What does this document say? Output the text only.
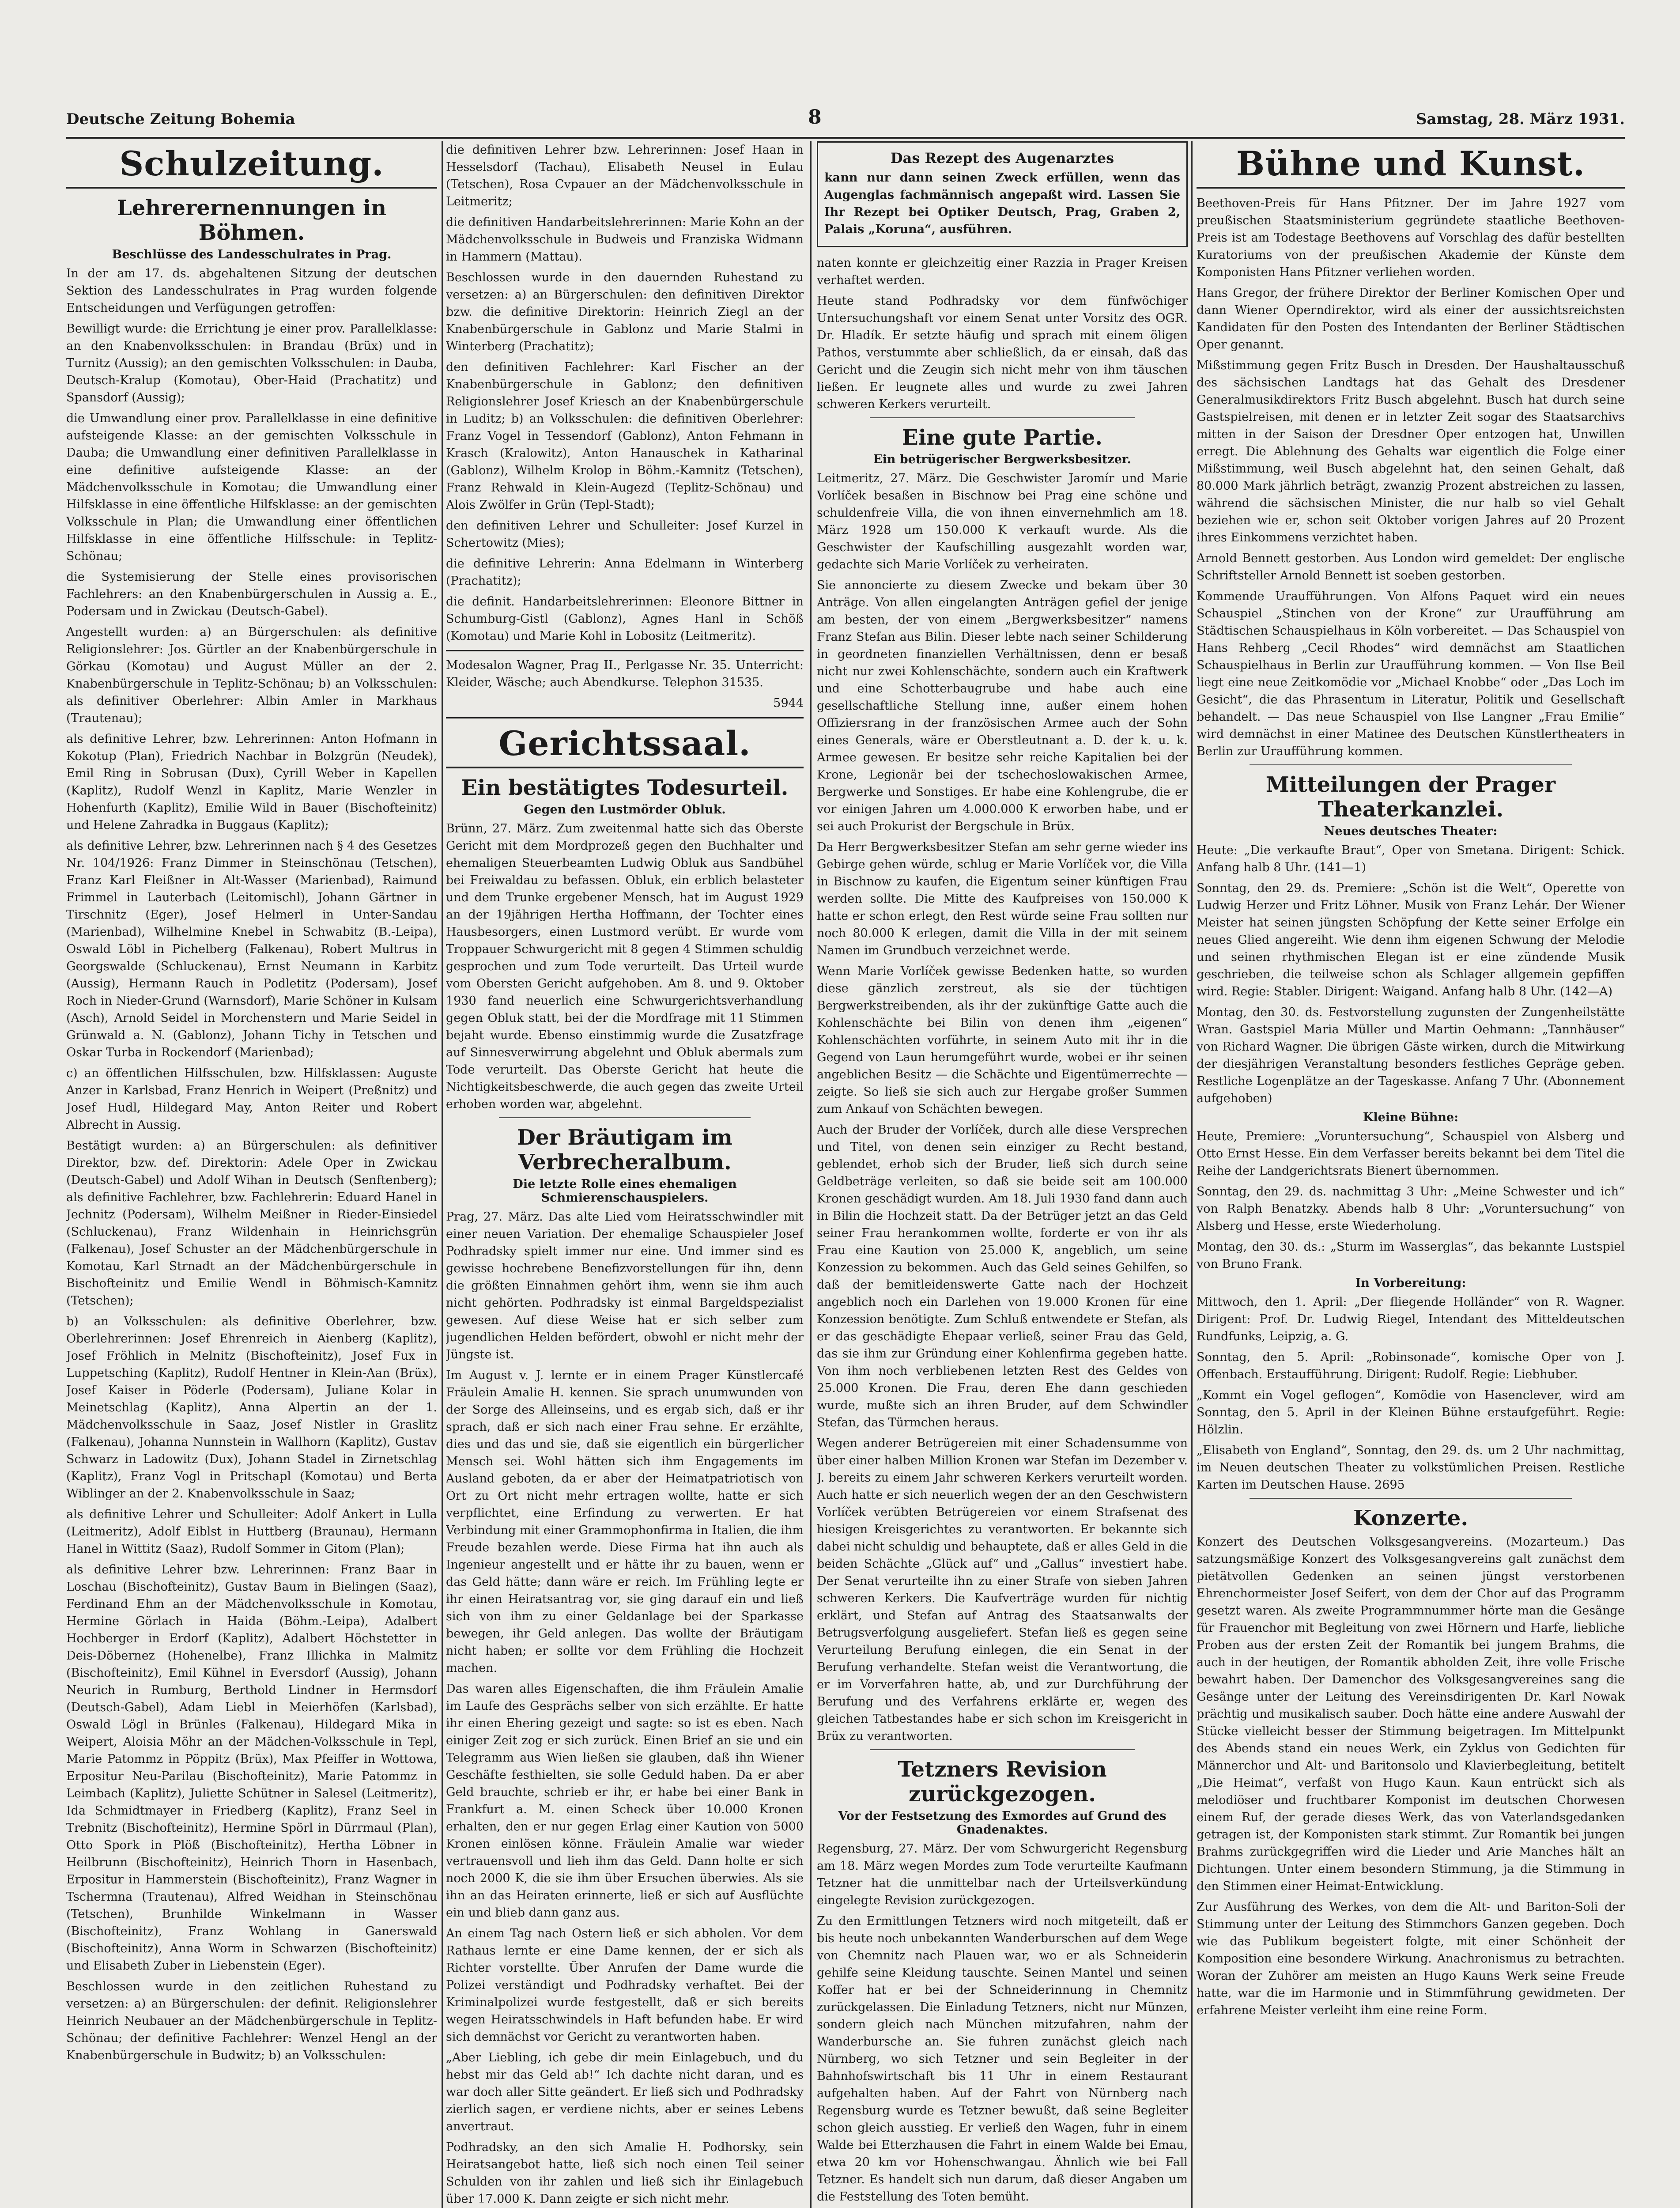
Deutsche Zeitung Bohemia	8	Samstag, 28. März 1931.
Schulzeitung.
Lehrerernennungen in Böhmen.
Beschlüsse des Landesschulrates in Prag.

In der am 17. ds. abgehaltenen Sitzung der deutschen Sektion des Landesschulrates in Prag wurden folgende Entscheidungen und Verfügungen getroffen:

Bewilligt wurde: die Errichtung je einer prov. Parallelklasse: an den Knabenvolksschulen: in Brandau (Brüx) und in Turnitz (Aussig); an den gemischten Volksschulen: in Dauba, Deutsch-Kralup (Komotau), Ober-Haid (Prachatitz) und Spansdorf (Aussig);

die Umwandlung einer prov. Parallelklasse in eine definitive aufsteigende Klasse: an der gemischten Volksschule in Dauba; die Umwandlung einer definitiven Parallelklasse in eine definitive aufsteigende Klasse: an der Mädchenvolksschule in Komotau; die Umwandlung einer Hilfsklasse in eine öffentliche Hilfsklasse: an der gemischten Volksschule in Plan; die Umwandlung einer öffentlichen Hilfsklasse in eine öffentliche Hilfsschule: in Teplitz-Schönau;

die Systemisierung der Stelle eines provisorischen Fachlehrers: an den Knabenbürgerschulen in Aussig a. E., Podersam und in Zwickau (Deutsch-Gabel).

Angestellt wurden: a) an Bürgerschulen: als definitive Religionslehrer: Jos. Gürtler an der Knabenbürgerschule in Görkau (Komotau) und August Müller an der 2. Knabenbürgerschule in Teplitz-Schönau; b) an Volksschulen: als definitiver Oberlehrer: Albin Amler in Markhaus (Trautenau);

als definitive Lehrer, bzw. Lehrerinnen: Anton Hofmann in Kokotup (Plan), Friedrich Nachbar in Bolzgrün (Neudek), Emil Ring in Sobrusan (Dux), Cyrill Weber in Kapellen (Kaplitz), Rudolf Wenzl in Kaplitz, Marie Wenzler in Hohenfurth (Kaplitz), Emilie Wild in Bauer (Bischofteinitz) und Helene Zahradka in Buggaus (Kaplitz);

als definitive Lehrer, bzw. Lehrerinnen nach § 4 des Gesetzes Nr. 104/1926: Franz Dimmer in Steinschönau (Tetschen), Franz Karl Fleißner in Alt-Wasser (Marienbad), Raimund Frimmel in Lauterbach (Leitomischl), Johann Gärtner in Tirschnitz (Eger), Josef Helmerl in Unter-Sandau (Marienbad), Wilhelmine Knebel in Schwabitz (B.-Leipa), Oswald Löbl in Pichelberg (Falkenau), Robert Multrus in Georgswalde (Schluckenau), Ernst Neumann in Karbitz (Aussig), Hermann Rauch in Podletitz (Podersam), Josef Roch in Nieder-Grund (Warnsdorf), Marie Schöner in Kulsam (Asch), Arnold Seidel in Morchenstern und Marie Seidel in Grünwald a. N. (Gablonz), Johann Tichy in Tetschen und Oskar Turba in Rockendorf (Marienbad);

c) an öffentlichen Hilfsschulen, bzw. Hilfsklassen: Auguste Anzer in Karlsbad, Franz Henrich in Weipert (Preßnitz) und Josef Hudl, Hildegard May, Anton Reiter und Robert Albrecht in Aussig.

Bestätigt wurden: a) an Bürgerschulen: als definitiver Direktor, bzw. def. Direktorin: Adele Oper in Zwickau (Deutsch-Gabel) und Adolf Wihan in Deutsch (Senftenberg); als definitive Fachlehrer, bzw. Fachlehrerin: Eduard Hanel in Jechnitz (Podersam), Wilhelm Meißner in Rieder-Einsiedel (Schluckenau), Franz Wildenhain in Heinrichsgrün (Falkenau), Josef Schuster an der Mädchenbürgerschule in Komotau, Karl Strnadt an der Mädchenbürgerschule in Bischofteinitz und Emilie Wendl in Böhmisch-Kamnitz (Tetschen);

b) an Volksschulen: als definitive Oberlehrer, bzw. Oberlehrerinnen: Josef Ehrenreich in Aienberg (Kaplitz), Josef Fröhlich in Melnitz (Bischofteinitz), Josef Fux in Luppetsching (Kaplitz), Rudolf Hentner in Klein-Aan (Brüx), Josef Kaiser in Pöderle (Podersam), Juliane Kolar in Meinetschlag (Kaplitz), Anna Alpertin an der 1. Mädchenvolksschule in Saaz, Josef Nistler in Graslitz (Falkenau), Johanna Nunnstein in Wallhorn (Kaplitz), Gustav Schwarz in Ladowitz (Dux), Johann Stadel in Zirnetschlag (Kaplitz), Franz Vogl in Pritschapl (Komotau) und Berta Wiblinger an der 2. Knabenvolksschule in Saaz;

als definitive Lehrer und Schulleiter: Adolf Ankert in Lulla (Leitmeritz), Adolf Eiblst in Huttberg (Braunau), Hermann Hanel in Wittitz (Saaz), Rudolf Sommer in Gitom (Plan);

als definitive Lehrer bzw. Lehrerinnen: Franz Baar in Loschau (Bischofteinitz), Gustav Baum in Bielingen (Saaz), Ferdinand Ehm an der Mädchenvolksschule in Komotau, Hermine Görlach in Haida (Böhm.-Leipa), Adalbert Hochberger in Erdorf (Kaplitz), Adalbert Höchstetter in Deis-Döbernez (Hohenelbe), Franz Illichka in Malmitz (Bischofteinitz), Emil Kühnel in Eversdorf (Aussig), Johann Neurich in Rumburg, Berthold Lindner in Hermsdorf (Deutsch-Gabel), Adam Liebl in Meierhöfen (Karlsbad), Oswald Lögl in Brünles (Falkenau), Hildegard Mika in Weipert, Aloisia Möhr an der Mädchen-Volksschule in Tepl, Marie Patommz in Pöppitz (Brüx), Max Pfeiffer in Wottowa, Erpositur Neu-Parilau (Bischofteinitz), Marie Patommz in Leimbach (Kaplitz), Juliette Schütner in Salesel (Leitmeritz), Ida Schmidtmayer in Friedberg (Kaplitz), Franz Seel in Trebnitz (Bischofteinitz), Hermine Spörl in Dürrmaul (Plan), Otto Spork in Plöß (Bischofteinitz), Hertha Löbner in Heilbrunn (Bischofteinitz), Heinrich Thorn in Hasenbach, Erpositur in Hammerstein (Bischofteinitz), Franz Wagner in Tschermna (Trautenau), Alfred Weidhan in Steinschönau (Tetschen), Brunhilde Winkelmann in Wasser (Bischofteinitz), Franz Wohlang in Ganerswald (Bischofteinitz), Anna Worm in Schwarzen (Bischofteinitz) und Elisabeth Zuber in Liebenstein (Eger).

Beschlossen wurde in den zeitlichen Ruhestand zu versetzen: a) an Bürgerschulen: der definit. Religionslehrer Heinrich Neubauer an der Mädchenbürgerschule in Teplitz-Schönau; der definitive Fachlehrer: Wenzel Hengl an der Knabenbürgerschule in Budwitz; b) an Volksschulen:

die definitiven Lehrer bzw. Lehrerinnen: Josef Haan in Hesselsdorf (Tachau), Elisabeth Neusel in Eulau (Tetschen), Rosa Cvpauer an der Mädchenvolksschule in Leitmeritz;

die definitiven Handarbeitslehrerinnen: Marie Kohn an der Mädchenvolksschule in Budweis und Franziska Widmann in Hammern (Mattau).

Beschlossen wurde in den dauernden Ruhestand zu versetzen: a) an Bürgerschulen: den definitiven Direktor bzw. die definitive Direktorin: Heinrich Ziegl an der Knabenbürgerschule in Gablonz und Marie Stalmi in Winterberg (Prachatitz);

den definitiven Fachlehrer: Karl Fischer an der Knabenbürgerschule in Gablonz; den definitiven Religionslehrer Josef Kriesch an der Knabenbürgerschule in Luditz; b) an Volksschulen: die definitiven Oberlehrer: Franz Vogel in Tessendorf (Gablonz), Anton Fehmann in Krasch (Kralowitz), Anton Hanauschek in Katharinal (Gablonz), Wilhelm Krolop in Böhm.-Kamnitz (Tetschen), Franz Rehwald in Klein-Augezd (Teplitz-Schönau) und Alois Zwölfer in Grün (Tepl-Stadt);

den definitiven Lehrer und Schulleiter: Josef Kurzel in Schertowitz (Mies);

die definitive Lehrerin: Anna Edelmann in Winterberg (Prachatitz);

die definit. Handarbeitslehrerinnen: Eleonore Bittner in Schumburg-Gistl (Gablonz), Agnes Hanl in Schöß (Komotau) und Marie Kohl in Lobositz (Leitmeritz).

Modesalon Wagner, Prag II., Perlgasse Nr. 35. Unterricht: Kleider, Wäsche; auch Abendkurse. Telephon 31535.

5944

Gerichtssaal.
Ein bestätigtes Todesurteil.
Gegen den Lustmörder Obluk.

Brünn, 27. März. Zum zweitenmal hatte sich das Oberste Gericht mit dem Mordprozeß gegen den Buchhalter und ehemaligen Steuerbeamten Ludwig Obluk aus Sandbühel bei Freiwaldau zu befassen. Obluk, ein erblich belasteter und dem Trunke ergebener Mensch, hat im August 1929 an der 19jährigen Hertha Hoffmann, der Tochter eines Hausbesorgers, einen Lustmord verübt. Er wurde vom Troppauer Schwurgericht mit 8 gegen 4 Stimmen schuldig gesprochen und zum Tode verurteilt. Das Urteil wurde vom Obersten Gericht aufgehoben. Am 8. und 9. Oktober 1930 fand neuerlich eine Schwurgerichtsverhandlung gegen Obluk statt, bei der die Mordfrage mit 11 Stimmen bejaht wurde. Ebenso einstimmig wurde die Zusatzfrage auf Sinnesverwirrung abgelehnt und Obluk abermals zum Tode verurteilt. Das Oberste Gericht hat heute die Nichtigkeitsbeschwerde, die auch gegen das zweite Urteil erhoben worden war, abgelehnt.

Der Bräutigam im Verbrecheralbum.
Die letzte Rolle eines ehemaligen Schmierenschauspielers.

Prag, 27. März. Das alte Lied vom Heiratsschwindler mit einer neuen Variation. Der ehemalige Schauspieler Josef Podhradsky spielt immer nur eine. Und immer sind es gewisse hochrebene Benefizvorstellungen für ihn, denn die größten Einnahmen gehört ihm, wenn sie ihm auch nicht gehörten. Podhradsky ist einmal Bargeldspezialist gewesen. Auf diese Weise hat er sich selber zum jugendlichen Helden befördert, obwohl er nicht mehr der Jüngste ist.

Im August v. J. lernte er in einem Prager Künstlercafé Fräulein Amalie H. kennen. Sie sprach unumwunden von der Sorge des Alleinseins, und es ergab sich, daß er ihr sprach, daß er sich nach einer Frau sehne. Er erzählte, dies und das und sie, daß sie eigentlich ein bürgerlicher Mensch sei. Wohl hätten sich ihm Engagements im Ausland geboten, da er aber der Heimatpatriotisch von Ort zu Ort nicht mehr ertragen wollte, hatte er sich verpflichtet, eine Erfindung zu verwerten. Er hat Verbindung mit einer Grammophonfirma in Italien, die ihm Freude bezahlen werde. Diese Firma hat ihn auch als Ingenieur angestellt und er hätte ihr zu bauen, wenn er das Geld hätte; dann wäre er reich. Im Frühling legte er ihr einen Heiratsantrag vor, sie ging darauf ein und ließ sich von ihm zu einer Geldanlage bei der Sparkasse bewegen, ihr Geld anlegen. Das wollte der Bräutigam nicht haben; er sollte vor dem Frühling die Hochzeit machen.

Das waren alles Eigenschaften, die ihm Fräulein Amalie im Laufe des Gesprächs selber von sich erzählte. Er hatte ihr einen Ehering gezeigt und sagte: so ist es eben. Nach einiger Zeit zog er sich zurück. Einen Brief an sie und ein Telegramm aus Wien ließen sie glauben, daß ihn Wiener Geschäfte festhielten, sie solle Geduld haben. Da er aber Geld brauchte, schrieb er ihr, er habe bei einer Bank in Frankfurt a. M. einen Scheck über 10.000 Kronen erhalten, den er nur gegen Erlag einer Kaution von 5000 Kronen einlösen könne. Fräulein Amalie war wieder vertrauensvoll und lieh ihm das Geld. Dann holte er sich noch 2000 K, die sie ihm über Ersuchen überwies. Als sie ihn an das Heiraten erinnerte, ließ er sich auf Ausflüchte ein und blieb dann ganz aus.

An einem Tag nach Ostern ließ er sich abholen. Vor dem Rathaus lernte er eine Dame kennen, der er sich als Richter vorstellte. Über Anrufen der Dame wurde die Polizei verständigt und Podhradsky verhaftet. Bei der Kriminalpolizei wurde festgestellt, daß er sich bereits wegen Heiratsschwindels in Haft befunden habe. Er wird sich demnächst vor Gericht zu verantworten haben.

„Aber Liebling, ich gebe dir mein Einlagebuch, und du hebst mir das Geld ab!“ Ich dachte nicht daran, und es war doch aller Sitte geändert. Er ließ sich und Podhradsky zierlich sagen, er verdiene nichts, aber er seines Lebens anvertraut.

Podhradsky, an den sich Amalie H. Podhorsky, sein Heiratsangebot hatte, ließ sich noch einen Teil seiner Schulden von ihr zahlen und ließ sich ihr Einlagebuch über 17.000 K. Dann zeigte er sich nicht mehr.

Das Rezept des Augenarztes

kann nur dann seinen Zweck erfüllen, wenn das Augenglas fachmännisch angepaßt wird. Lassen Sie Ihr Rezept bei Optiker Deutsch, Prag, Graben 2, Palais „Koruna“, ausführen.

naten konnte er gleichzeitig einer Razzia in Prager Kreisen verhaftet werden.

Heute stand Podhradsky vor dem fünfwöchiger Untersuchungshaft vor einem Senat unter Vorsitz des OGR. Dr. Hladík. Er setzte häufig und sprach mit einem öligen Pathos, verstummte aber schließlich, da er einsah, daß das Gericht und die Zeugin sich nicht mehr von ihm täuschen ließen. Er leugnete alles und wurde zu zwei Jahren schweren Kerkers verurteilt.

Eine gute Partie.
Ein betrügerischer Bergwerksbesitzer.

Leitmeritz, 27. März. Die Geschwister Jaromír und Marie Vorlíček besaßen in Bischnow bei Prag eine schöne und schuldenfreie Villa, die von ihnen einvernehmlich am 18. März 1928 um 150.000 K verkauft wurde. Als die Geschwister der Kaufschilling ausgezahlt worden war, gedachte sich Marie Vorlíček zu verheiraten.

Sie annoncierte zu diesem Zwecke und bekam über 30 Anträge. Von allen eingelangten Anträgen gefiel der jenige am besten, der von einem „Bergwerksbesitzer“ namens Franz Stefan aus Bilin. Dieser lebte nach seiner Schilderung in geordneten finanziellen Verhältnissen, denn er besaß nicht nur zwei Kohlenschächte, sondern auch ein Kraftwerk und eine Schotterbaugrube und habe auch eine gesellschaftliche Stellung inne, außer einem hohen Offiziersrang in der französischen Armee auch der Sohn eines Generals, wäre er Oberstleutnant a. D. der k. u. k. Armee gewesen. Er besitze sehr reiche Kapitalien bei der Krone, Legionär bei der tschechoslowakischen Armee, Bergwerke und Sonstiges. Er habe eine Kohlengrube, die er vor einigen Jahren um 4.000.000 K erworben habe, und er sei auch Prokurist der Bergschule in Brüx.

Da Herr Bergwerksbesitzer Stefan am sehr gerne wieder ins Gebirge gehen würde, schlug er Marie Vorlíček vor, die Villa in Bischnow zu kaufen, die Eigentum seiner künftigen Frau werden sollte. Die Mitte des Kaufpreises von 150.000 K hatte er schon erlegt, den Rest würde seine Frau sollten nur noch 80.000 K erlegen, damit die Villa in der mit seinem Namen im Grundbuch verzeichnet werde.

Wenn Marie Vorlíček gewisse Bedenken hatte, so wurden diese gänzlich zerstreut, als sie der tüchtigen Bergwerkstreibenden, als ihr der zukünftige Gatte auch die Kohlenschächte bei Bilin von denen ihm „eigenen“ Kohlenschächten vorführte, in seinem Auto mit ihr in die Gegend von Laun herumgeführt wurde, wobei er ihr seinen angeblichen Besitz — die Schächte und Eigentümerrechte — zeigte. So ließ sie sich auch zur Hergabe großer Summen zum Ankauf von Schächten bewegen.

Auch der Bruder der Vorlíček, durch alle diese Versprechen und Titel, von denen sein einziger zu Recht bestand, geblendet, erhob sich der Bruder, ließ sich durch seine Geldbeträge verleiten, so daß sie beide seit am 100.000 Kronen geschädigt wurden. Am 18. Juli 1930 fand dann auch in Bilin die Hochzeit statt. Da der Betrüger jetzt an das Geld seiner Frau herankommen wollte, forderte er von ihr als Frau eine Kaution von 25.000 K, angeblich, um seine Konzession zu bekommen. Auch das Geld seines Gehilfen, so daß der bemitleidenswerte Gatte nach der Hochzeit angeblich noch ein Darlehen von 19.000 Kronen für eine Konzession benötigte. Zum Schluß entwendete er Stefan, als er das geschädigte Ehepaar verließ, seiner Frau das Geld, das sie ihm zur Gründung einer Kohlenfirma gegeben hatte. Von ihm noch verbliebenen letzten Rest des Geldes von 25.000 Kronen. Die Frau, deren Ehe dann geschieden wurde, mußte sich an ihren Bruder, auf dem Schwindler Stefan, das Türmchen heraus.

Wegen anderer Betrügereien mit einer Schadensumme von über einer halben Million Kronen war Stefan im Dezember v. J. bereits zu einem Jahr schweren Kerkers verurteilt worden. Auch hatte er sich neuerlich wegen der an den Geschwistern Vorlíček verübten Betrügereien vor einem Strafsenat des hiesigen Kreisgerichtes zu verantworten. Er bekannte sich dabei nicht schuldig und behauptete, daß er alles Geld in die beiden Schächte „Glück auf“ und „Gallus“ investiert habe. Der Senat verurteilte ihn zu einer Strafe von sieben Jahren schweren Kerkers. Die Kaufverträge wurden für nichtig erklärt, und Stefan auf Antrag des Staatsanwalts der Betrugsverfolgung ausgeliefert. Stefan ließ es gegen seine Verurteilung Berufung einlegen, die ein Senat in der Berufung verhandelte. Stefan weist die Verantwortung, die er im Vorverfahren hatte, ab, und zur Durchführung der Berufung und des Verfahrens erklärte er, wegen des gleichen Tatbestandes habe er sich schon im Kreisgericht in Brüx zu verantworten.

Tetzners Revision zurückgezogen.
Vor der Festsetzung des Exmordes auf Grund des Gnadenaktes.

Regensburg, 27. März. Der vom Schwurgericht Regensburg am 18. März wegen Mordes zum Tode verurteilte Kaufmann Tetzner hat die unmittelbar nach der Urteilsverkündung eingelegte Revision zurückgezogen.

Zu den Ermittlungen Tetzners wird noch mitgeteilt, daß er bis heute noch unbekannten Wanderburschen auf dem Wege von Chemnitz nach Plauen war, wo er als Schneiderin gehilfe seine Kleidung tauschte. Seinen Mantel und seinen Koffer hat er bei der Schneiderinnung in Chemnitz zurückgelassen. Die Einladung Tetzners, nicht nur Münzen, sondern gleich nach München mitzufahren, nahm der Wanderbursche an. Sie fuhren zunächst gleich nach Nürnberg, wo sich Tetzner und sein Begleiter in der Bahnhofswirtschaft bis 11 Uhr in einem Restaurant aufgehalten haben. Auf der Fahrt von Nürnberg nach Regensburg wurde es Tetzner bewußt, daß seine Begleiter schon gleich ausstieg. Er verließ den Wagen, fuhr in einem Walde bei Etterzhausen die Fahrt in einem Walde bei Emau, etwa 20 km vor Hohenschwangau. Ähnlich wie bei Fall Tetzner. Es handelt sich nun darum, daß dieser Angaben um die Feststellung des Toten bemüht.

Bühne und Kunst.

Beethoven-Preis für Hans Pfitzner. Der im Jahre 1927 vom preußischen Staatsministerium gegründete staatliche Beethoven-Preis ist am Todestage Beethovens auf Vorschlag des dafür bestellten Kuratoriums von der preußischen Akademie der Künste dem Komponisten Hans Pfitzner verliehen worden.

Hans Gregor, der frühere Direktor der Berliner Komischen Oper und dann Wiener Operndirektor, wird als einer der aussichtsreichsten Kandidaten für den Posten des Intendanten der Berliner Städtischen Oper genannt.

Mißstimmung gegen Fritz Busch in Dresden. Der Haushaltausschuß des sächsischen Landtags hat das Gehalt des Dresdener Generalmusikdirektors Fritz Busch abgelehnt. Busch hat durch seine Gastspielreisen, mit denen er in letzter Zeit sogar des Staatsarchivs mitten in der Saison der Dresdner Oper entzogen hat, Unwillen erregt. Die Ablehnung des Gehalts war eigentlich die Folge einer Mißstimmung, weil Busch abgelehnt hat, den seinen Gehalt, daß 80.000 Mark jährlich beträgt, zwanzig Prozent abstreichen zu lassen, während die sächsischen Minister, die nur halb so viel Gehalt beziehen wie er, schon seit Oktober vorigen Jahres auf 20 Prozent ihres Einkommens verzichtet haben.

Arnold Bennett gestorben. Aus London wird gemeldet: Der englische Schriftsteller Arnold Bennett ist soeben gestorben.

Kommende Uraufführungen. Von Alfons Paquet wird ein neues Schauspiel „Stinchen von der Krone“ zur Uraufführung am Städtischen Schauspielhaus in Köln vorbereitet. — Das Schauspiel von Hans Rehberg „Cecil Rhodes“ wird demnächst am Staatlichen Schauspielhaus in Berlin zur Uraufführung kommen. — Von Ilse Beil liegt eine neue Zeitkomödie vor „Michael Knobbe“ oder „Das Loch im Gesicht“, die das Phrasentum in Literatur, Politik und Gesellschaft behandelt. — Das neue Schauspiel von Ilse Langner „Frau Emilie“ wird demnächst in einer Matinee des Deutschen Künstlertheaters in Berlin zur Uraufführung kommen.

Mitteilungen der Prager Theaterkanzlei.
Neues deutsches Theater:

Heute: „Die verkaufte Braut“, Oper von Smetana. Dirigent: Schick. Anfang halb 8 Uhr. (141—1)

Sonntag, den 29. ds. Premiere: „Schön ist die Welt“, Operette von Ludwig Herzer und Fritz Löhner. Musik von Franz Lehár. Der Wiener Meister hat seinen jüngsten Schöpfung der Kette seiner Erfolge ein neues Glied angereiht. Wie denn ihm eigenen Schwung der Melodie und seinen rhythmischen Elegan ist er eine zündende Musik geschrieben, die teilweise schon als Schlager allgemein gepfiffen wird. Regie: Stabler. Dirigent: Waigand. Anfang halb 8 Uhr. (142—A)

Montag, den 30. ds. Festvorstellung zugunsten der Zungenheilstätte Wran. Gastspiel Maria Müller und Martin Oehmann: „Tannhäuser“ von Richard Wagner. Die übrigen Gäste wirken, durch die Mitwirkung der diesjährigen Veranstaltung besonders festliches Gepräge geben. Restliche Logenplätze an der Tageskasse. Anfang 7 Uhr. (Abonnement aufgehoben)

Kleine Bühne:

Heute, Premiere: „Voruntersuchung“, Schauspiel von Alsberg und Otto Ernst Hesse. Ein dem Verfasser bereits bekannt bei dem Titel die Reihe der Landgerichtsrats Bienert übernommen.

Sonntag, den 29. ds. nachmittag 3 Uhr: „Meine Schwester und ich“ von Ralph Benatzky. Abends halb 8 Uhr: „Voruntersuchung“ von Alsberg und Hesse, erste Wiederholung.

Montag, den 30. ds.: „Sturm im Wasserglas“, das bekannte Lustspiel von Bruno Frank.

In Vorbereitung:

Mittwoch, den 1. April: „Der fliegende Holländer“ von R. Wagner. Dirigent: Prof. Dr. Ludwig Riegel, Intendant des Mitteldeutschen Rundfunks, Leipzig, a. G.

Sonntag, den 5. April: „Robinsonade“, komische Oper von J. Offenbach. Erstaufführung. Dirigent: Rudolf. Regie: Liebhuber.

„Kommt ein Vogel geflogen“, Komödie von Hasenclever, wird am Sonntag, den 5. April in der Kleinen Bühne erstaufgeführt. Regie: Hölzlin.

„Elisabeth von England“, Sonntag, den 29. ds. um 2 Uhr nachmittag, im Neuen deutschen Theater zu volkstümlichen Preisen. Restliche Karten im Deutschen Hause. 2695

Konzerte.

Konzert des Deutschen Volksgesangvereins. (Mozarteum.) Das satzungsmäßige Konzert des Volksgesangvereins galt zunächst dem pietätvollen Gedenken an seinen jüngst verstorbenen Ehrenchormeister Josef Seifert, von dem der Chor auf das Programm gesetzt waren. Als zweite Programmnummer hörte man die Gesänge für Frauenchor mit Begleitung von zwei Hörnern und Harfe, liebliche Proben aus der ersten Zeit der Romantik bei jungem Brahms, die auch in der heutigen, der Romantik abholden Zeit, ihre volle Frische bewahrt haben. Der Damenchor des Volksgesangvereines sang die Gesänge unter der Leitung des Vereinsdirigenten Dr. Karl Nowak prächtig und musikalisch sauber. Doch hätte eine andere Auswahl der Stücke vielleicht besser der Stimmung beigetragen. Im Mittelpunkt des Abends stand ein neues Werk, ein Zyklus von Gedichten für Männerchor und Alt- und Baritonsolo und Klavierbegleitung, betitelt „Die Heimat“, verfaßt von Hugo Kaun. Kaun entrückt sich als melodiöser und fruchtbarer Komponist im deutschen Chorwesen einem Ruf, der gerade dieses Werk, das von Vaterlandsgedanken getragen ist, der Komponisten stark stimmt. Zur Romantik bei jungen Brahms zurückgegriffen wird die Lieder und Arie Manches hält an Dichtungen. Unter einem besondern Stimmung, ja die Stimmung in den Stimmen einer Heimat-Entwicklung.

Zur Ausführung des Werkes, von dem die Alt- und Bariton-Soli der Stimmung unter der Leitung des Stimmchors Ganzen gegeben. Doch wie das Publikum begeistert folgte, mit einer Schönheit der Komposition eine besondere Wirkung. Anachronismus zu betrachten. Woran der Zuhörer am meisten an Hugo Kauns Werk seine Freude hatte, war die im Harmonie und in Stimmführung gewidmeten. Der erfahrene Meister verleiht ihm eine reine Form.
